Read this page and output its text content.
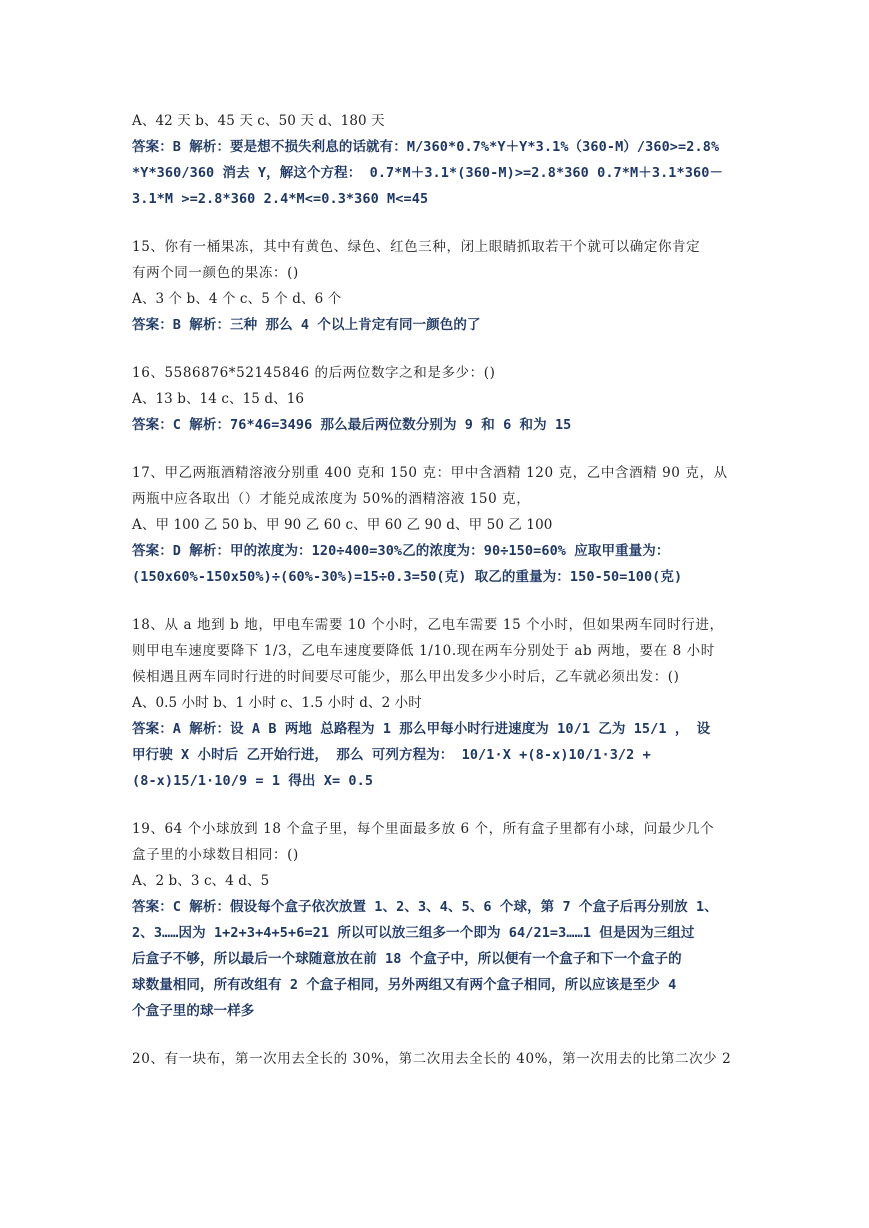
A、42 天 b、45 天 c、50 天 d、180 天
答案：B 解析：要是想不损失利息的话就有：M/360*0.7%*Y＋Y*3.1%（360-M）/360>=2.8%
*Y*360/360 消去 Y，解这个方程： 0.7*M＋3.1*(360-M)>=2.8*360 0.7*M＋3.1*360－
3.1*M >=2.8*360 2.4*M<=0.3*360 M<=45
15、你有一桶果冻，其中有黄色、绿色、红色三种，闭上眼睛抓取若干个就可以确定你肯定
有两个同一颜色的果冻：()
A、3 个 b、4 个 c、5 个 d、6 个
答案：B 解析：三种 那么 4 个以上肯定有同一颜色的了
16、5586876*52145846 的后两位数字之和是多少：()
A、13 b、14 c、15 d、16
答案：C 解析：76*46=3496 那么最后两位数分别为 9 和 6 和为 15
17、甲乙两瓶酒精溶液分别重 400 克和 150 克：甲中含酒精 120 克，乙中含酒精 90 克，从
两瓶中应各取出（）才能兑成浓度为 50%的酒精溶液 150 克，
A、甲 100 乙 50 b、甲 90 乙 60 c、甲 60 乙 90 d、甲 50 乙 100
答案：D 解析：甲的浓度为：120÷400=30%乙的浓度为：90÷150=60% 应取甲重量为：
(150x60%-150x50%)÷(60%-30%)=15÷0.3=50(克) 取乙的重量为：150-50=100(克)
18、从 a 地到 b 地，甲电车需要 10 个小时，乙电车需要 15 个小时，但如果两车同时行进，
则甲电车速度要降下 1/3，乙电车速度要降低 1/10.现在两车分别处于 ab 两地，要在 8 小时
候相遇且两车同时行进的时间要尽可能少，那么甲出发多少小时后，乙车就必须出发：()
A、0.5 小时 b、1 小时 c、1.5 小时 d、2 小时
答案：A 解析：设 A B 两地 总路程为 1 那么甲每小时行进速度为 10/1 乙为 15/1 ， 设
甲行驶 X 小时后 乙开始行进， 那么 可列方程为： 10/1·X +(8-x)10/1·3/2 +
(8-x)15/1·10/9 = 1 得出 X= 0.5
19、64 个小球放到 18 个盒子里，每个里面最多放 6 个，所有盒子里都有小球，问最少几个
盒子里的小球数目相同：()
A、2 b、3 c、4 d、5
答案：C 解析：假设每个盒子依次放置 1、2、3、4、5、6 个球，第 7 个盒子后再分别放 1、
2、3……因为 1+2+3+4+5+6=21 所以可以放三组多一个即为 64/21=3……1 但是因为三组过
后盒子不够，所以最后一个球随意放在前 18 个盒子中，所以便有一个盒子和下一个盒子的
球数量相同，所有改组有 2 个盒子相同，另外两组又有两个盒子相同，所以应该是至少 4
个盒子里的球一样多
20、有一块布，第一次用去全长的 30%，第二次用去全长的 40%，第一次用去的比第二次少 2
